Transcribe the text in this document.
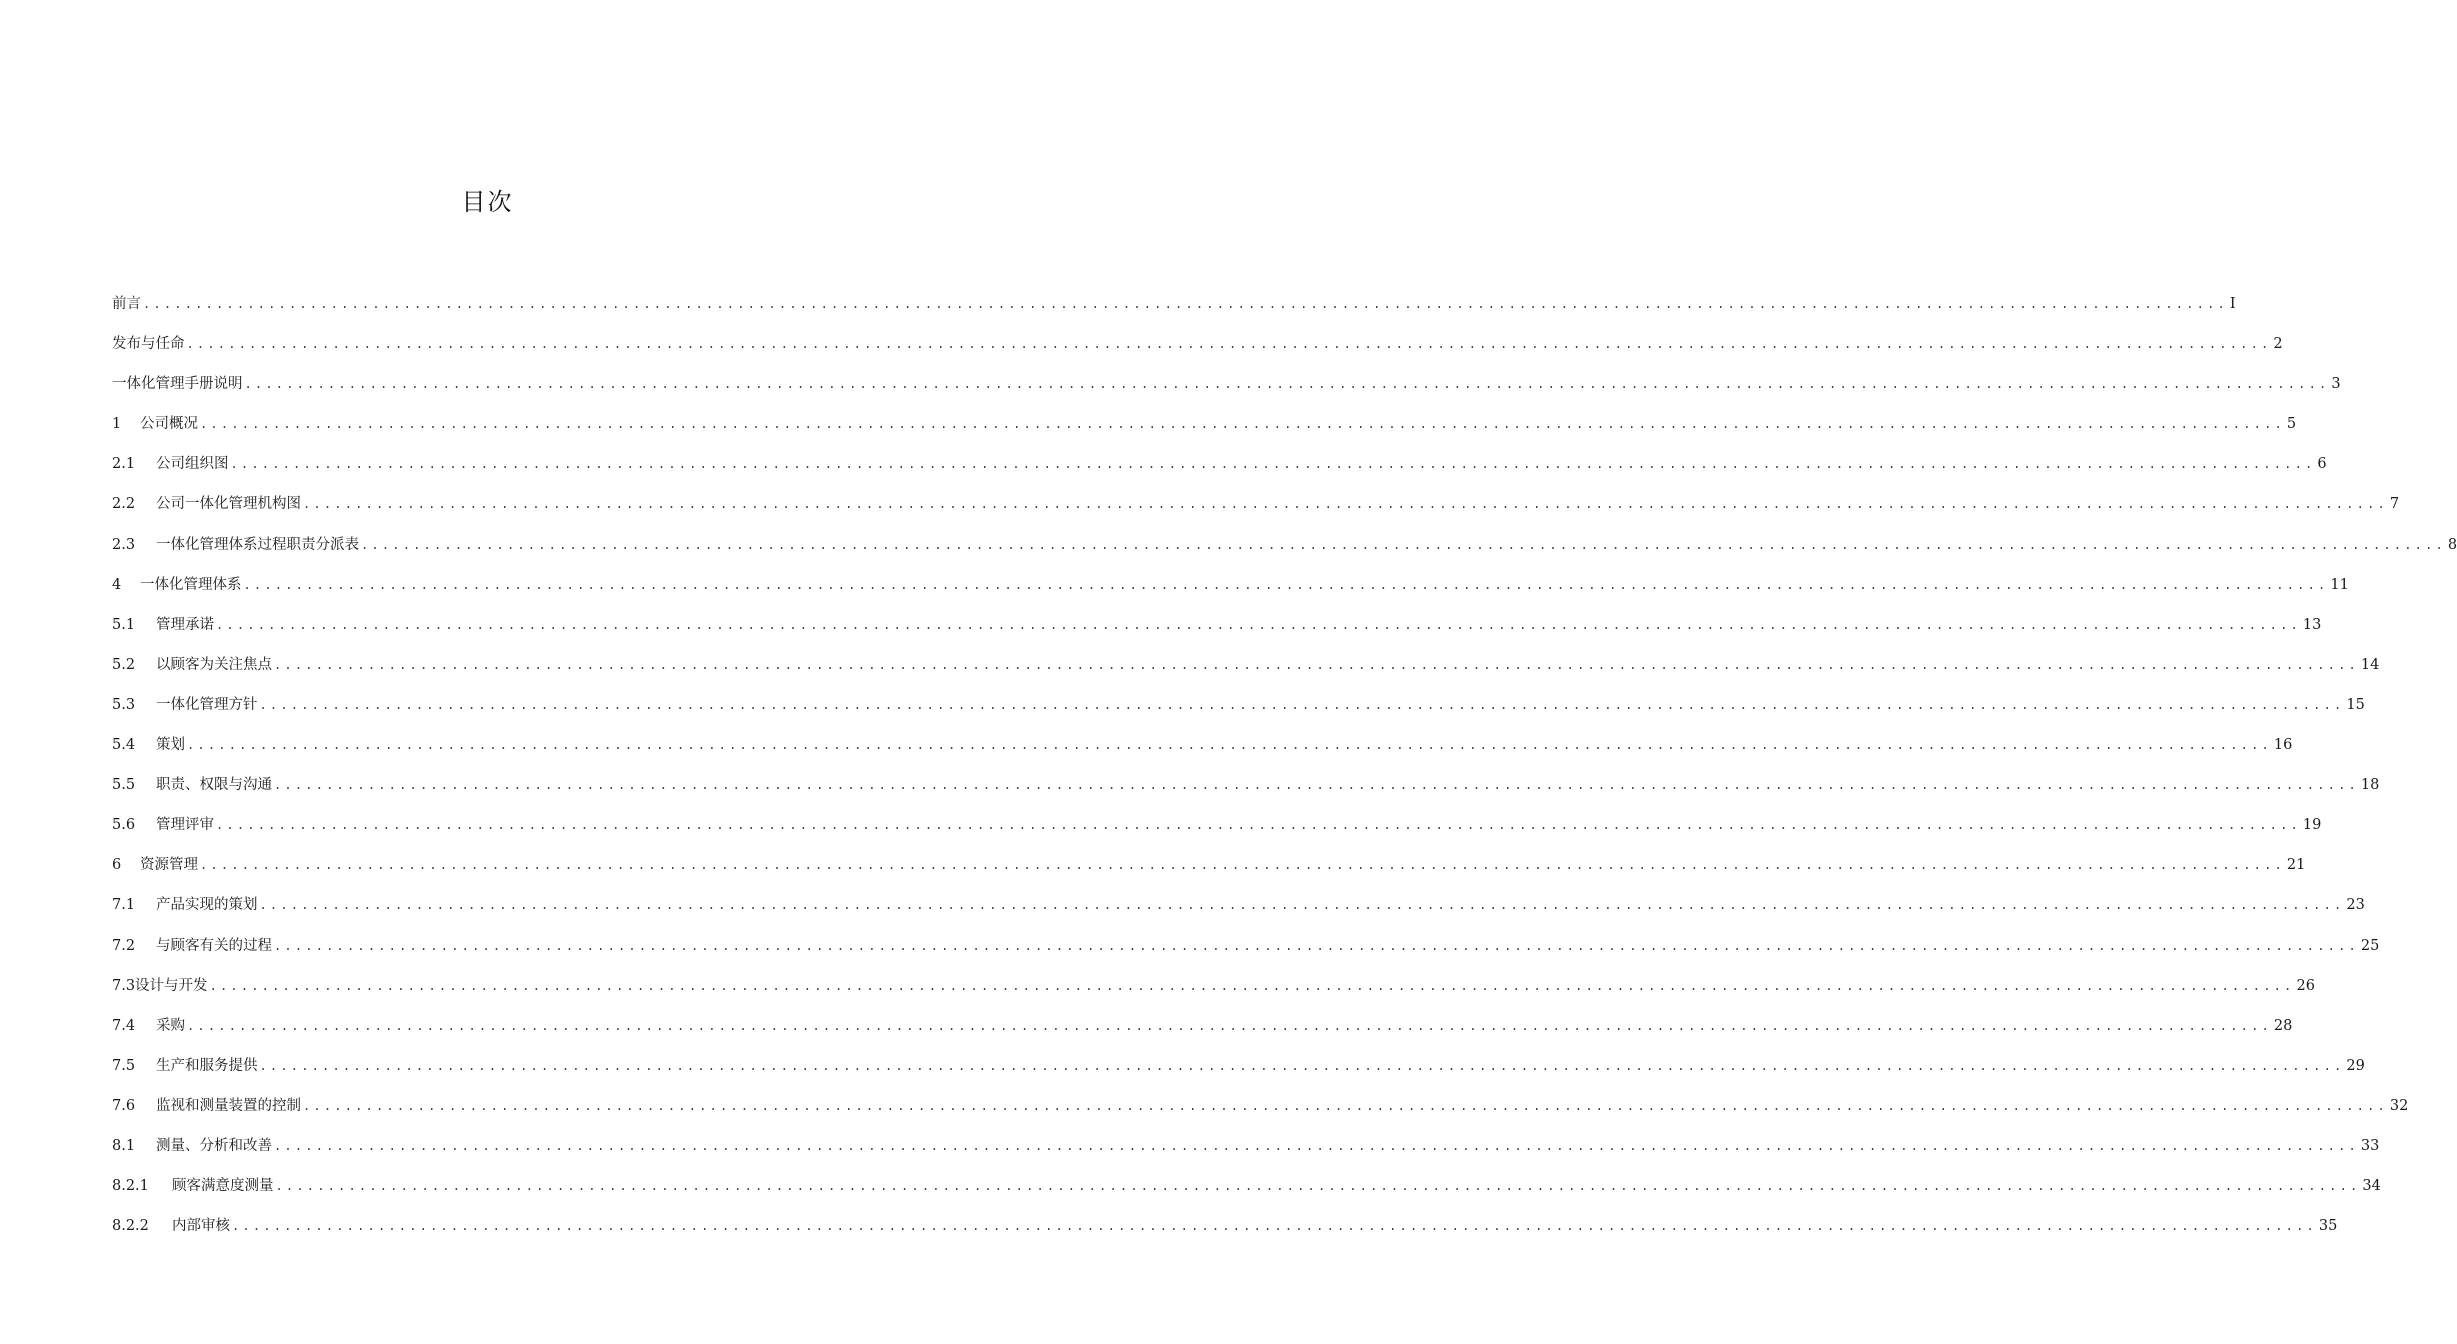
目次
前言 ........................................................................................................................................................................................................ I
发布与任命 ........................................................................................................................................................................................................ 2
一体化管理手册说明 ........................................................................................................................................................................................................ 3
1	公司概况 ........................................................................................................................................................................................................ 5
2.1	公司组织图 ........................................................................................................................................................................................................ 6
2.2	公司一体化管理机构图 ........................................................................................................................................................................................................ 7
2.3	一体化管理体系过程职责分派表 ........................................................................................................................................................................................................ 8
4	一体化管理体系 ........................................................................................................................................................................................................ 11
5.1	管理承诺 ........................................................................................................................................................................................................ 13
5.2	以顾客为关注焦点 ........................................................................................................................................................................................................ 14
5.3	一体化管理方针 ........................................................................................................................................................................................................ 15
5.4	策划 ........................................................................................................................................................................................................ 16
5.5	职责、权限与沟通 ........................................................................................................................................................................................................ 18
5.6	管理评审 ........................................................................................................................................................................................................ 19
6	资源管理 ........................................................................................................................................................................................................ 21
7.1	产品实现的策划 ........................................................................................................................................................................................................ 23
7.2	与顾客有关的过程 ........................................................................................................................................................................................................ 25
7.3设计与开发 ........................................................................................................................................................................................................ 26
7.4	采购 ........................................................................................................................................................................................................ 28
7.5	生产和服务提供 ........................................................................................................................................................................................................ 29
7.6	监视和测量装置的控制 ........................................................................................................................................................................................................ 32
8.1	测量、分析和改善 ........................................................................................................................................................................................................ 33
8.2.1	顾客满意度测量 ........................................................................................................................................................................................................ 34
8.2.2	内部审核 ........................................................................................................................................................................................................ 35
